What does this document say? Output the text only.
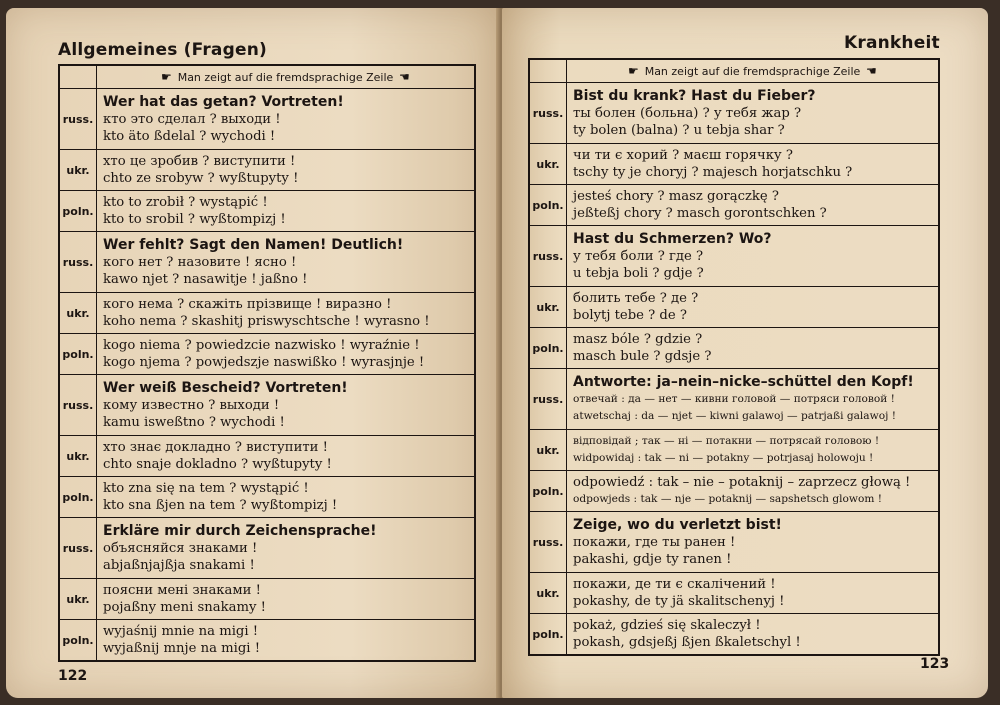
Allgemeines (Fragen)	Krankheit
	☛ Man zeigt auf die fremdsprachige Zeile ☛
russ.	Wer hat das getan? Vortreten!
кто это сделал ? выходи !
kto äto ßdelal ? wychodi !

ukr.	хто це зробив ? виступити !
chto ze srobyw ? wyßtupyty !

poln.	kto to zrobił ? wystąpić !
kto to srobil ? wyßtompizj !

russ.	Wer fehlt? Sagt den Namen! Deutlich!
кого нет ? назовите ! ясно !
kawo njet ? nasawitje ! jaßno !

ukr.	кого нема ? скажіть прізвище ! виразно !
koho nema ? skashitj priswyschtsche ! wyrasno !

poln.	kogo niema ? powiedzcie nazwisko ! wyraźnie !
kogo njema ? powjedszje naswißko ! wyrasjnje !

russ.	Wer weiß Bescheid? Vortreten!
кому известно ? выходи !
kamu isweßtno ? wychodi !

ukr.	хто знає докладно ? виступити !
chto snaje dokladno ? wyßtupyty !

poln.	kto zna się na tem ? wystąpić !
kto sna ßjen na tem ? wyßtompizj !

russ.	Erkläre mir durch Zeichensprache!
объясняйся знаками !
abjaßnjajßja snakami !

ukr.	поясни мені знаками !
pojaßny meni snakamy !

poln.	wyjaśnij mnie na migi !
wyjaßnij mnje na migi !
	☛ Man zeigt auf die fremdsprachige Zeile ☛
russ.	Bist du krank? Hast du Fieber?
ты болен (больна) ? у тебя жар ?
ty bolen (balna) ? u tebja shar ?

ukr.	чи ти є хорий ? маєш горячку ?
tschy ty je choryj ? majesch horjatschku ?

poln.	jesteś chory ? masz gorączkę ?
jeßteßj chory ? masch gorontschken ?

russ.	Hast du Schmerzen? Wo?
у тебя боли ? где ?
u tebja boli ? gdje ?

ukr.	болить тебе ? де ?
bolytj tebe ? de ?

poln.	masz bóle ? gdzie ?
masch bule ? gdsje ?

russ.	Antworte: ja–nein–nicke–schüttel den Kopf!
отвечай : да — нет — кивни головой — потряси головой !
atwetschaj : da — njet — kiwni galawoj — patrjaßi galawoj !

ukr.	відповідай ; так — ні — потакни — потрясай головою !
widpowidaj : tak — ni — potakny — potrjasaj holowoju !

poln.	odpowiedź : tak – nie – potaknij – zaprzecz głową !
odpowjeds : tak — nje — potaknij — sapshetsch glowom !

russ.	Zeige, wo du verletzt bist!
покажи, где ты ранен !
pakashi, gdje ty ranen !

ukr.	покажи, де ти є скалічений !
pokashy, de ty jä skalitschenyj !

poln.	pokaż, gdzieś się skaleczył !
pokash, gdsjeßj ßjen ßkaletschyl !
122
123
